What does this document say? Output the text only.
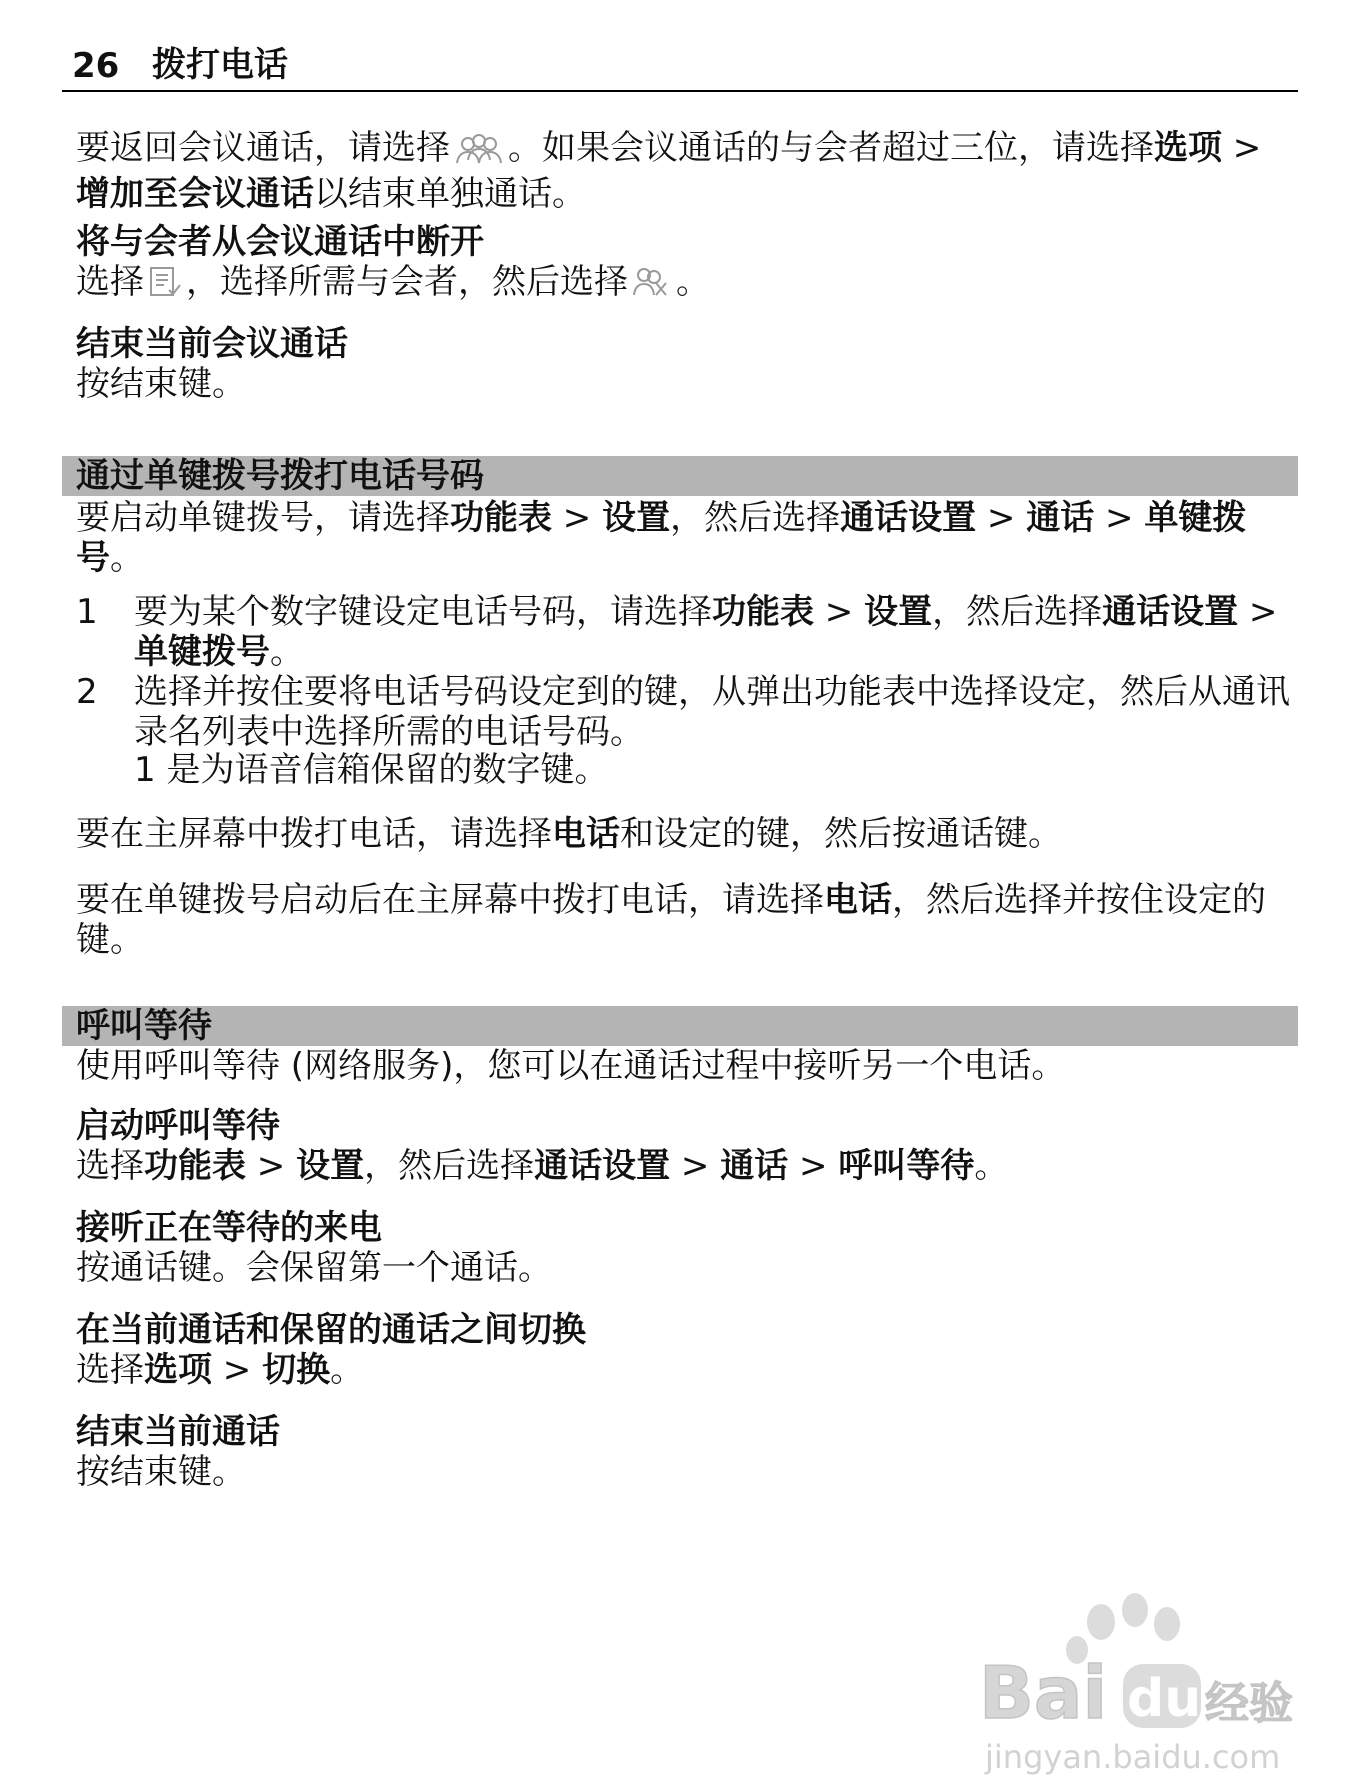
26 拨打电话
要返回会议通话，请选择 。如果会议通话的与会者超过三位，请选择选项 >
增加至会议通话以结束单独通话。
将与会者从会议通话中断开
选择 ，选择所需与会者，然后选择 。
结束当前会议通话
按结束键。
通过单键拨号拨打电话号码
要启动单键拨号，请选择功能表 > 设置，然后选择通话设置 > 通话 > 单键拨
号。
1 要为某个数字键设定电话号码，请选择功能表 > 设置，然后选择通话设置 >
单键拨号。
2 选择并按住要将电话号码设定到的键，从弹出功能表中选择设定，然后从通讯录名列表中选择所需的电话号码。
1 是为语音信箱保留的数字键。
要在主屏幕中拨打电话，请选择电话和设定的键，然后按通话键。
要在单键拨号启动后在主屏幕中拨打电话，请选择电话，然后选择并按住设定的键。
呼叫等待
使用呼叫等待 (网络服务)，您可以在通话过程中接听另一个电话。
启动呼叫等待
选择功能表 > 设置，然后选择通话设置 > 通话 > 呼叫等待。
接听正在等待的来电
按通话键。会保留第一个通话。
在当前通话和保留的通话之间切换
选择选项 > 切换。
结束当前通话
按结束键。
Bai du 经验
jingyan.baidu.com
